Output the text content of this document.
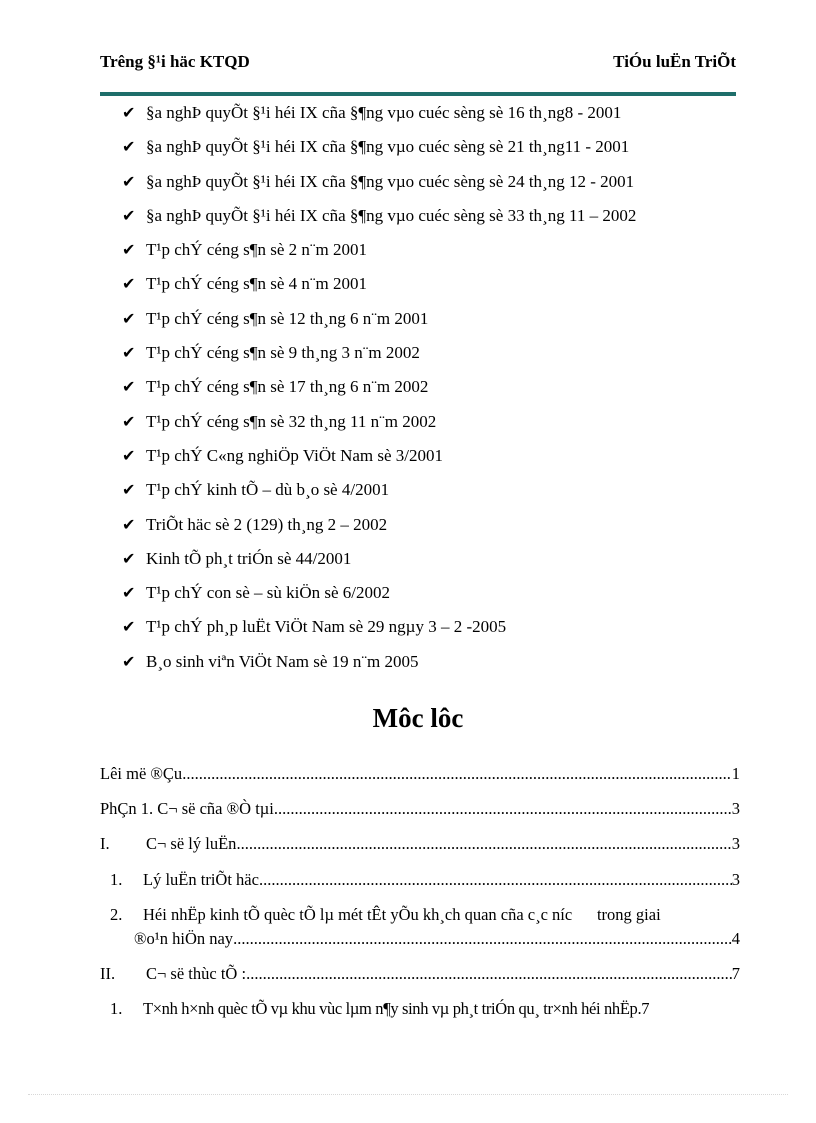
Trêng §¹i häc KTQD	TiÓu luËn TriÕt
✔ §a nghÞ quyÕt §¹i héi IX cña §¶ng vµo cuéc sèng sè 16 th¸ng8 - 2001
✔ §a nghÞ quyÕt §¹i héi IX cña §¶ng vµo cuéc sèng sè 21 th¸ng11 - 2001
✔ §a nghÞ quyÕt §¹i héi IX cña §¶ng vµo cuéc sèng sè 24 th¸ng 12 - 2001
✔ §a nghÞ quyÕt §¹i héi IX cña §¶ng vµo cuéc sèng sè 33 th¸ng 11 – 2002
✔ T¹p chÝ céng s¶n sè 2 n¨m 2001
✔ T¹p chÝ céng s¶n sè 4 n¨m 2001
✔ T¹p chÝ céng s¶n sè 12 th¸ng 6 n¨m 2001
✔ T¹p chÝ céng s¶n sè 9 th¸ng 3 n¨m 2002
✔ T¹p chÝ céng s¶n sè 17 th¸ng 6 n¨m 2002
✔ T¹p chÝ céng s¶n sè 32 th¸ng 11 n¨m 2002
✔ T¹p chÝ C«ng nghiÖp ViÖt Nam sè 3/2001
✔ T¹p chÝ kinh tÕ – dù b¸o sè 4/2001
✔ TriÕt häc sè 2 (129) th¸ng 2 – 2002
✔ Kinh tÕ ph¸t triÓn sè 44/2001
✔ T¹p chÝ con sè – sù kiÖn sè 6/2002
✔ T¹p chÝ ph¸p luËt ViÖt Nam sè 29 ngµy 3 – 2 -2005
✔ B¸o sinh viªn ViÖt Nam sè 19 n¨m 2005
Môc lôc
Lêi më ®Çu .....	1
PhÇn 1. C¬ së cña ®Ò tµi .....	3
I.	C¬ së lý luËn .....	3
1.	Lý luËn triÕt häc .....	3
2.	Héi nhËp kinh tÕ quèc tÕ lµ mét tÊt yÕu kh¸ch quan cña c¸c níc      trong giai
®o¹n hiÖn nay .....	4
II.	C¬ së thùc tÕ : .....	7
1.	T×nh h×nh quèc tÕ vµ khu vùc lµm n¶y sinh vµ ph¸t triÓn qu¸ tr×nh héi nhËp. 7
